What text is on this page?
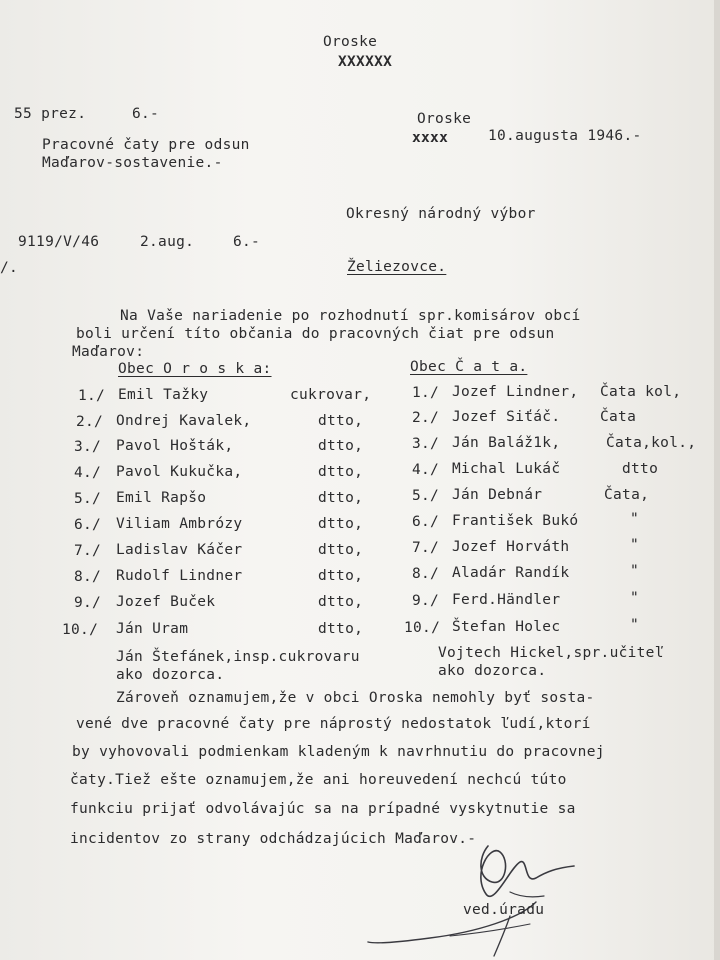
Oroske
XXXXXX
55 prez.	6.-	Oroske
xxxx	10.augusta 1946.-
Pracovné čaty pre odsun
Maďarov-sostavenie.-
Okresný národný výbor
Želiezovce.
9119/V/46	2.aug.	6.-
/.
Na Vaše nariadenie po rozhodnutí spr.komisárov obcí
boli určení títo občania do pracovných čiat pre odsun
Maďarov:
Obec O r o s k a:	Obec Č a t a.
1./ Emil Tažky	cukrovar,
2./ Ondrej Kavalek,	dtto,
3./ Pavol Hošták,	dtto,
4./ Pavol Kukučka,	dtto,
5./ Emil Rapšo	dtto,
6./ Viliam Ambrózy	dtto,
7./ Ladislav Káčer	dtto,
8./ Rudolf Lindner	dtto,
9./ Jozef Buček	dtto,
10./ Ján Uram	dtto,
1./ Jozef Lindner, Čata kol,
2./ Jozef Siťáč.	Čata
3./ Ján Baláž1k,	Čata,kol.,
4./ Michal Lukáč	dtto
5./ Ján Debnár	Čata,
6./ František Bukó	"
7./ Jozef Horváth	"
8./ Aladár Randík	"
9./ Ferd.Händler	"
10./ Štefan Holec	"
Ján Štefánek,insp.cukrovaru
ako dozorca.
Vojtech Hickel,spr.učiteľ
ako dozorca.
Zároveň oznamujem,že v obci Oroska nemohly byť sosta-
vené dve pracovné čaty pre náprostý nedostatok ľudí,ktorí
by vyhovovali podmienkam kladeným k navrhnutiu do pracovnej
čaty.Tiež ešte oznamujem,že ani horeuvedení nechcú túto
funkciu prijať odvolávajúc sa na prípadné vyskytnutie sa
incidentov zo strany odchádzajúcich Maďarov.-
ved.úradu
